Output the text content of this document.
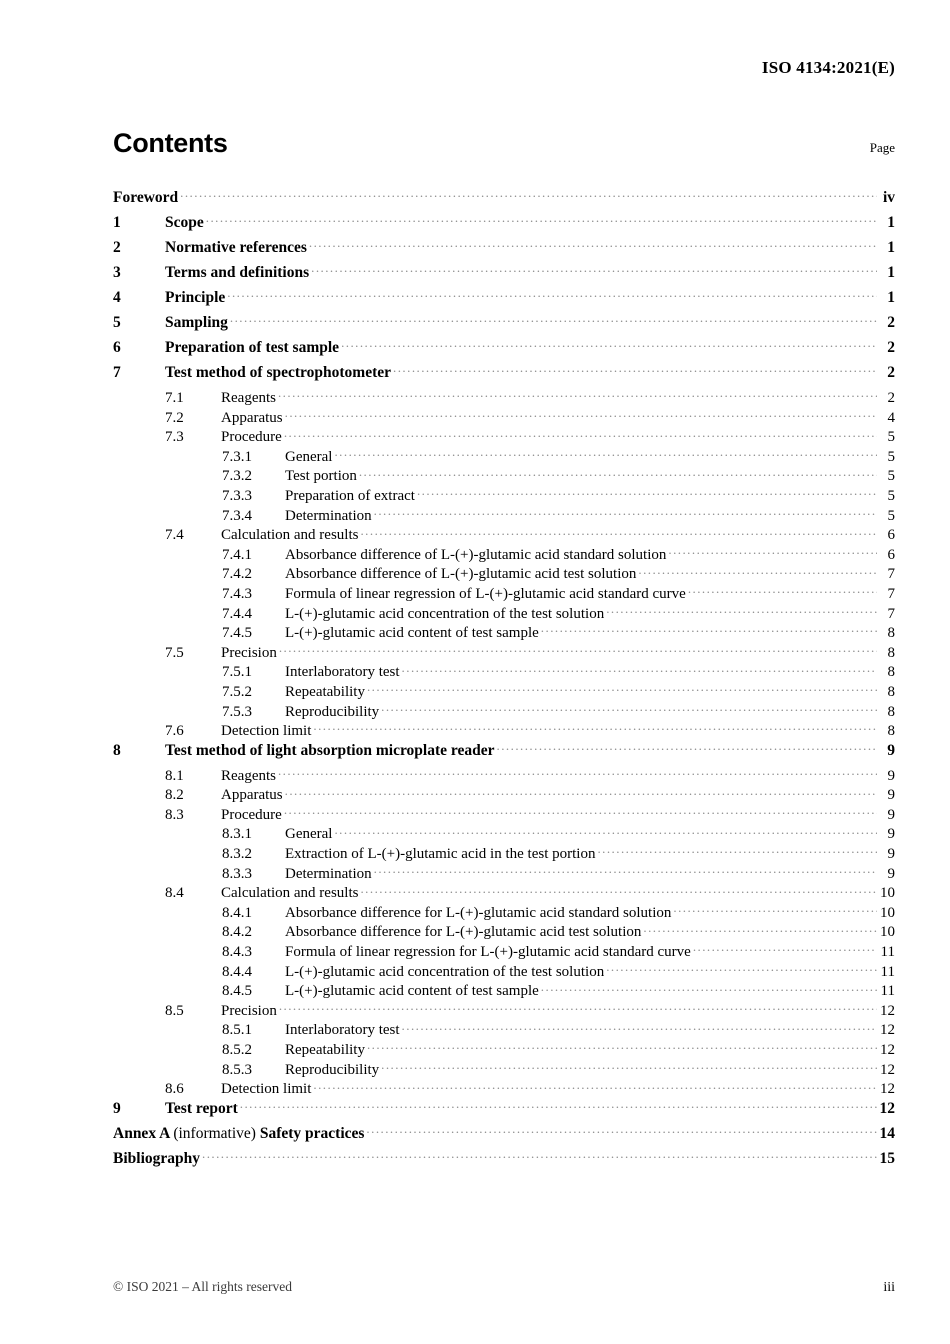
ISO 4134:2021(E)
Contents	Page
Foreword .....	iv
1	Scope .....	1
2	Normative references .....	1
3	Terms and definitions .....	1
4	Principle .....	1
5	Sampling .....	2
6	Preparation of test sample .....	2
7	Test method of spectrophotometer .....	2
7.1	Reagents .....	2
7.2	Apparatus .....	4
7.3	Procedure .....	5
7.3.1	General .....	5
7.3.2	Test portion .....	5
7.3.3	Preparation of extract .....	5
7.3.4	Determination .....	5
7.4	Calculation and results .....	6
7.4.1	Absorbance difference of L-(+)-glutamic acid standard solution .....	6
7.4.2	Absorbance difference of L-(+)-glutamic acid test solution .....	7
7.4.3	Formula of linear regression of L-(+)-glutamic acid standard curve .....	7
7.4.4	L-(+)-glutamic acid concentration of the test solution .....	7
7.4.5	L-(+)-glutamic acid content of test sample .....	8
7.5	Precision .....	8
7.5.1	Interlaboratory test .....	8
7.5.2	Repeatability .....	8
7.5.3	Reproducibility .....	8
7.6	Detection limit .....	8
8	Test method of light absorption microplate reader .....	9
8.1	Reagents .....	9
8.2	Apparatus .....	9
8.3	Procedure .....	9
8.3.1	General .....	9
8.3.2	Extraction of L-(+)-glutamic acid in the test portion .....	9
8.3.3	Determination .....	9
8.4	Calculation and results .....	10
8.4.1	Absorbance difference for L-(+)-glutamic acid standard solution .....	10
8.4.2	Absorbance difference for L-(+)-glutamic acid test solution .....	10
8.4.3	Formula of linear regression for L-(+)-glutamic acid standard curve .....	11
8.4.4	L-(+)-glutamic acid concentration of the test solution .....	11
8.4.5	L-(+)-glutamic acid content of test sample .....	11
8.5	Precision .....	12
8.5.1	Interlaboratory test .....	12
8.5.2	Repeatability .....	12
8.5.3	Reproducibility .....	12
8.6	Detection limit .....	12
9	Test report .....	12
Annex A (informative) Safety practices .....	14
Bibliography .....	15
© ISO 2021 – All rights reserved	iii
